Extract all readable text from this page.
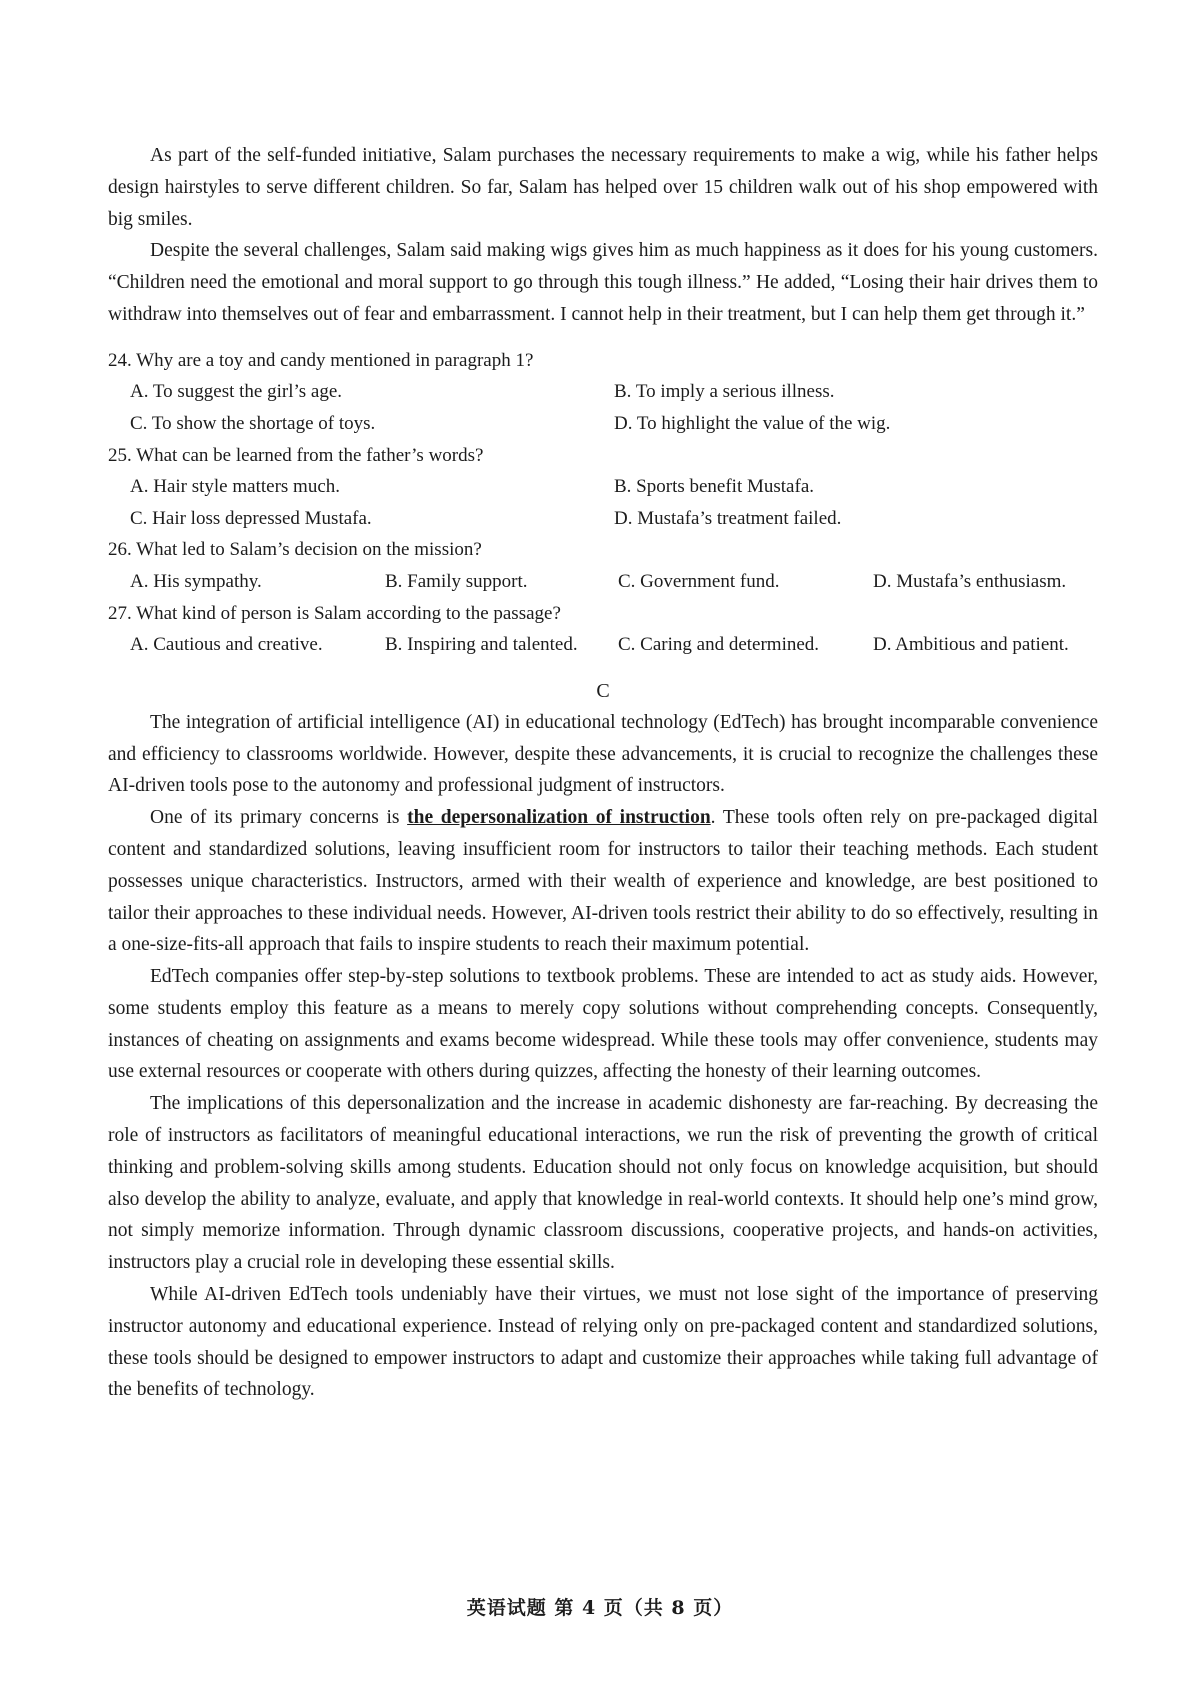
As part of the self-funded initiative, Salam purchases the necessary requirements to make a wig, while his father helps design hairstyles to serve different children. So far, Salam has helped over 15 children walk out of his shop empowered with big smiles.

Despite the several challenges, Salam said making wigs gives him as much happiness as it does for his young customers. “Children need the emotional and moral support to go through this tough illness.” He added, “Losing their hair drives them to withdraw into themselves out of fear and embarrassment. I cannot help in their treatment, but I can help them get through it.”

24. Why are a toy and candy mentioned in paragraph 1?

A. To suggest the girl’s age.	B. To imply a serious illness.
C. To show the shortage of toys.	D. To highlight the value of the wig.

25. What can be learned from the father’s words?

A. Hair style matters much.	B. Sports benefit Mustafa.
C. Hair loss depressed Mustafa.	D. Mustafa’s treatment failed.

26. What led to Salam’s decision on the mission?

A. His sympathy.	B. Family support.	C. Government fund.	D. Mustafa’s enthusiasm.

27. What kind of person is Salam according to the passage?

A. Cautious and creative.	B. Inspiring and talented.	C. Caring and determined.	D. Ambitious and patient.

C

The integration of artificial intelligence (AI) in educational technology (EdTech) has brought incomparable convenience and efficiency to classrooms worldwide. However, despite these advancements, it is crucial to recognize the challenges these AI-driven tools pose to the autonomy and professional judgment of instructors.

One of its primary concerns is the depersonalization of instruction. These tools often rely on pre-packaged digital content and standardized solutions, leaving insufficient room for instructors to tailor their teaching methods. Each student possesses unique characteristics. Instructors, armed with their wealth of experience and knowledge, are best positioned to tailor their approaches to these individual needs. However, AI-driven tools restrict their ability to do so effectively, resulting in a one-size-fits-all approach that fails to inspire students to reach their maximum potential.

EdTech companies offer step-by-step solutions to textbook problems. These are intended to act as study aids. However, some students employ this feature as a means to merely copy solutions without comprehending concepts. Consequently, instances of cheating on assignments and exams become widespread. While these tools may offer convenience, students may use external resources or cooperate with others during quizzes, affecting the honesty of their learning outcomes.

The implications of this depersonalization and the increase in academic dishonesty are far-reaching. By decreasing the role of instructors as facilitators of meaningful educational interactions, we run the risk of preventing the growth of critical thinking and problem-solving skills among students. Education should not only focus on knowledge acquisition, but should also develop the ability to analyze, evaluate, and apply that knowledge in real-world contexts. It should help one’s mind grow, not simply memorize information. Through dynamic classroom discussions, cooperative projects, and hands-on activities, instructors play a crucial role in developing these essential skills.

While AI-driven EdTech tools undeniably have their virtues, we must not lose sight of the importance of preserving instructor autonomy and educational experience. Instead of relying only on pre-packaged content and standardized solutions, these tools should be designed to empower instructors to adapt and customize their approaches while taking full advantage of the benefits of technology.

英语试题 第 4 页（共 8 页）
